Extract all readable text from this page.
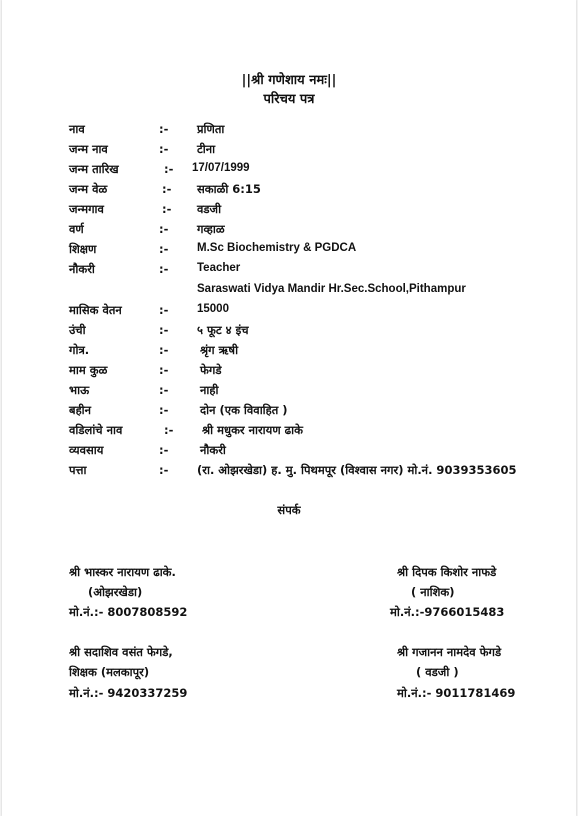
||श्री गणेशाय नमः||
परिचय पत्र
नाव	:- प्रणिता
जन्म नाव	:- टीना
जन्म तारिख	:- 17/07/1999
जन्म वेळ	:- सकाळी 6:15
जन्मगाव	:- वडजी
वर्ण	:- गव्हाळ
शिक्षण	:- M.Sc Biochemistry & PGDCA
नौकरी	:- Teacher
Saraswati Vidya Mandir Hr.Sec.School,Pithampur
मासिक वेतन	:- 15000
उंची	:- ५ फूट ४ इंच
गोत्र.	:-	श्रृंग ऋषी
माम कुळ	:-	फेगडे
भाऊ	:-	नाही
बहीन	:-	दोन (एक विवाहित )
वडिलांचे नाव	:- श्री मधुकर नारायण ढाके
व्यवसाय	:-	नौकरी
पत्ता	:- (रा. ओझरखेडा) ह. मु. पिथमपूर (विश्वास नगर) मो.नं. 9039353605
संपर्क
श्री भास्कर नारायण ढाके.
(ओझरखेडा)
मो.नं.:- 8007808592
श्री दिपक किशोर नाफडे
( नाशिक)
मो.नं.:-9766015483
श्री सदाशिव वसंत फेगडे,
शिक्षक (मलकापूर)
मो.नं.:- 9420337259
श्री गजानन नामदेव फेगडे
( वडजी )
मो.नं.:- 9011781469
